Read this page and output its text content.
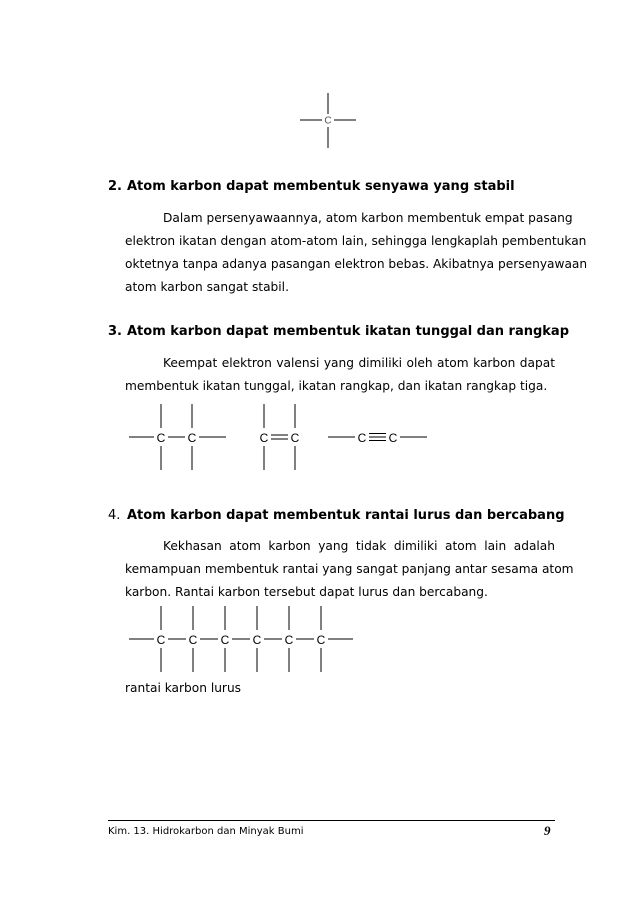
C
2. Atom karbon dapat membentuk senyawa yang stabil
Dalam persenyawaannya, atom karbon membentuk empat pasang
elektron ikatan dengan atom-atom lain, sehingga lengkaplah pembentukan
oktetnya tanpa adanya pasangan elektron bebas. Akibatnya persenyawaan
atom karbon sangat stabil.
3. Atom karbon dapat membentuk ikatan tunggal dan rangkap
Keempat elektron valensi yang dimiliki oleh atom karbon dapat
membentuk ikatan tunggal, ikatan rangkap, dan ikatan rangkap tiga.
C C	C C	C C
4. Atom karbon dapat membentuk rantai lurus dan bercabang
Kekhasan atom karbon yang tidak dimiliki atom lain adalah
kemampuan membentuk rantai yang sangat panjang antar sesama atom
karbon. Rantai karbon tersebut dapat lurus dan bercabang.
C C C C C C
rantai karbon lurus
Kim. 13. Hidrokarbon dan Minyak Bumi	9
